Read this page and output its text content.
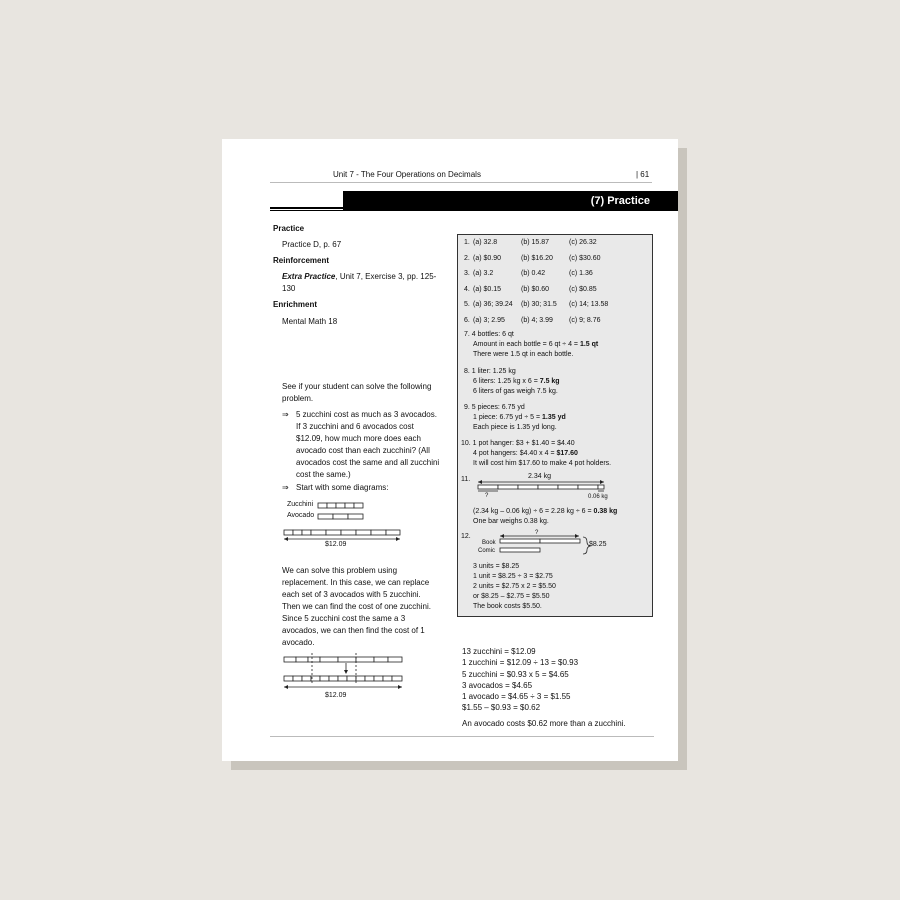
Unit 7 - The Four Operations on Decimals	| 61
(7) Practice
Practice
Practice D, p. 67
Reinforcement
Extra Practice, Unit 7, Exercise 3, pp. 125-
130
Enrichment
Mental Math 18
See if your student can solve the following
problem.
⇒ 5 zucchini cost as much as 3 avocados.
If 3 zucchini and 6 avocados cost
$12.09, how much more does each
avocado cost than each zucchini? (All
avocados cost the same and all zucchini
cost the same.)
⇒ Start with some diagrams:
Zucchini
Avocado
$12.09
We can solve this problem using
replacement. In this case, we can replace
each set of 3 avocados with 5 zucchini.
Then we can find the cost of one zucchini.
Since 5 zucchini cost the same a 3
avocados, we can then find the cost of 1
avocado.
$12.09
1. (a) 32.8	(b) 15.87	(c) 26.32
2. (a) $0.90	(b) $16.20 (c) $30.60
3. (a) 3.2	(b) 0.42	(c) 1.36
4. (a) $0.15	(b) $0.60	(c) $0.85
5. (a) 36; 39.24 (b) 30; 31.5 (c) 14; 13.58
6. (a) 3; 2.95 (b) 4; 3.99 (c) 9; 8.76
7. 4 bottles: 6 qt
Amount in each bottle = 6 qt ÷ 4 = 1.5 qt
There were 1.5 qt in each bottle.
8. 1 liter: 1.25 kg
6 liters: 1.25 kg x 6 = 7.5 kg
6 liters of gas weigh 7.5 kg.
9. 5 pieces: 6.75 yd
1 piece: 6.75 yd ÷ 5 = 1.35 yd
Each piece is 1.35 yd long.
10. 1 pot hanger: $3 + $1.40 = $4.40
4 pot hangers: $4.40 x 4 = $17.60
It will cost him $17.60 to make 4 pot holders.
11.	2.34 kg
?	0.06 kg
(2.34 kg – 0.06 kg) ÷ 6 = 2.28 kg ÷ 6 = 0.38 kg
One bar weighs 0.38 kg.
12.	?
Book
Comic
$8.25
3 units = $8.25
1 unit = $8.25 ÷ 3 = $2.75
2 units = $2.75 x 2 = $5.50
or $8.25 – $2.75 = $5.50
The book costs $5.50.
13 zucchini = $12.09
1 zucchini = $12.09 ÷ 13 = $0.93
5 zucchini = $0.93 x 5 = $4.65
3 avocados = $4.65
1 avocado = $4.65 ÷ 3 = $1.55
$1.55 – $0.93 = $0.62
An avocado costs $0.62 more than a zucchini.
